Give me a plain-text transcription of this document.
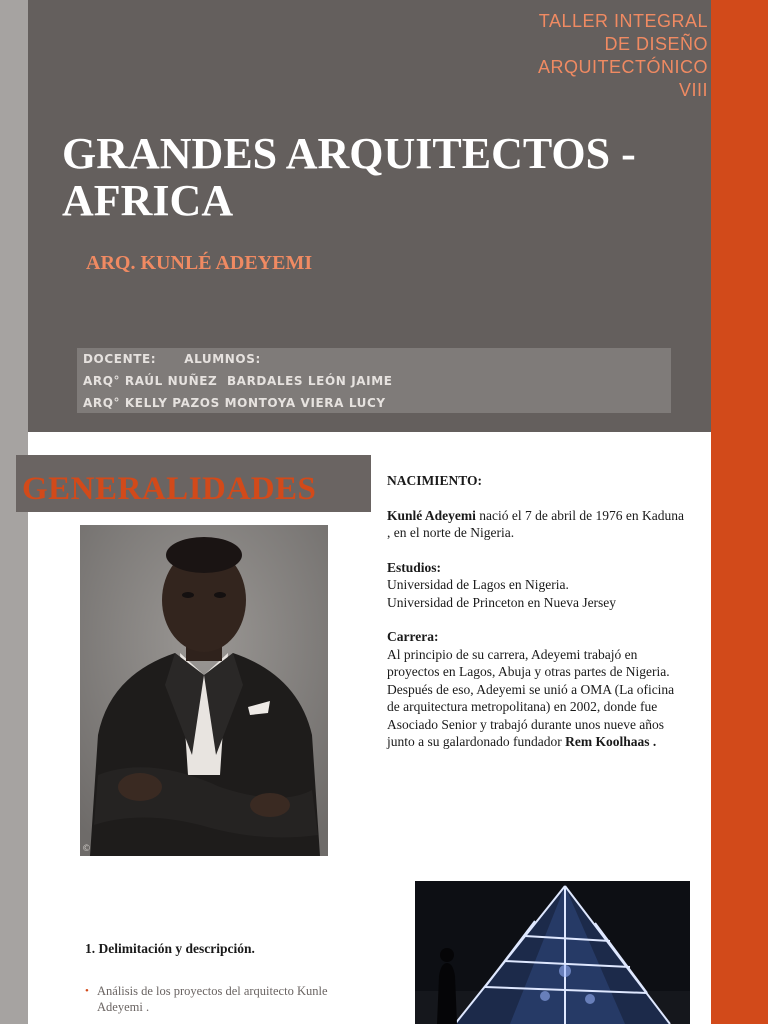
TALLER INTEGRAL
DE DISEÑO
ARQUITECTÓNICO
VIII
GRANDES ARQUITECTOS -
AFRICA
ARQ. KUNLÉ ADEYEMI
DOCENTE: ALUMNOS:
ARQ° RAÚL NUÑEZ BARDALES LEÓN JAIME
ARQ° KELLY PAZOS MONTOYA VIERA LUCY
GENERALIDADES
©

NACIMIENTO:

Kunlé Adeyemi nació el 7 de abril de 1976 en Kaduna , en el norte de Nigeria.

Estudios:

Universidad de Lagos en Nigeria.

Universidad de Princeton en Nueva Jersey

Carrera:

Al principio de su carrera, Adeyemi trabajó en proyectos en Lagos, Abuja y otras partes de Nigeria. Después de eso, Adeyemi se unió a OMA (La oficina de arquitectura metropolitana) en 2002, donde fue Asociado Senior y trabajó durante unos nueve años junto a su galardonado fundador Rem Koolhaas .

1. Delimitación y descripción.
• Análisis de los proyectos del arquitecto Kunle Adeyemi .
